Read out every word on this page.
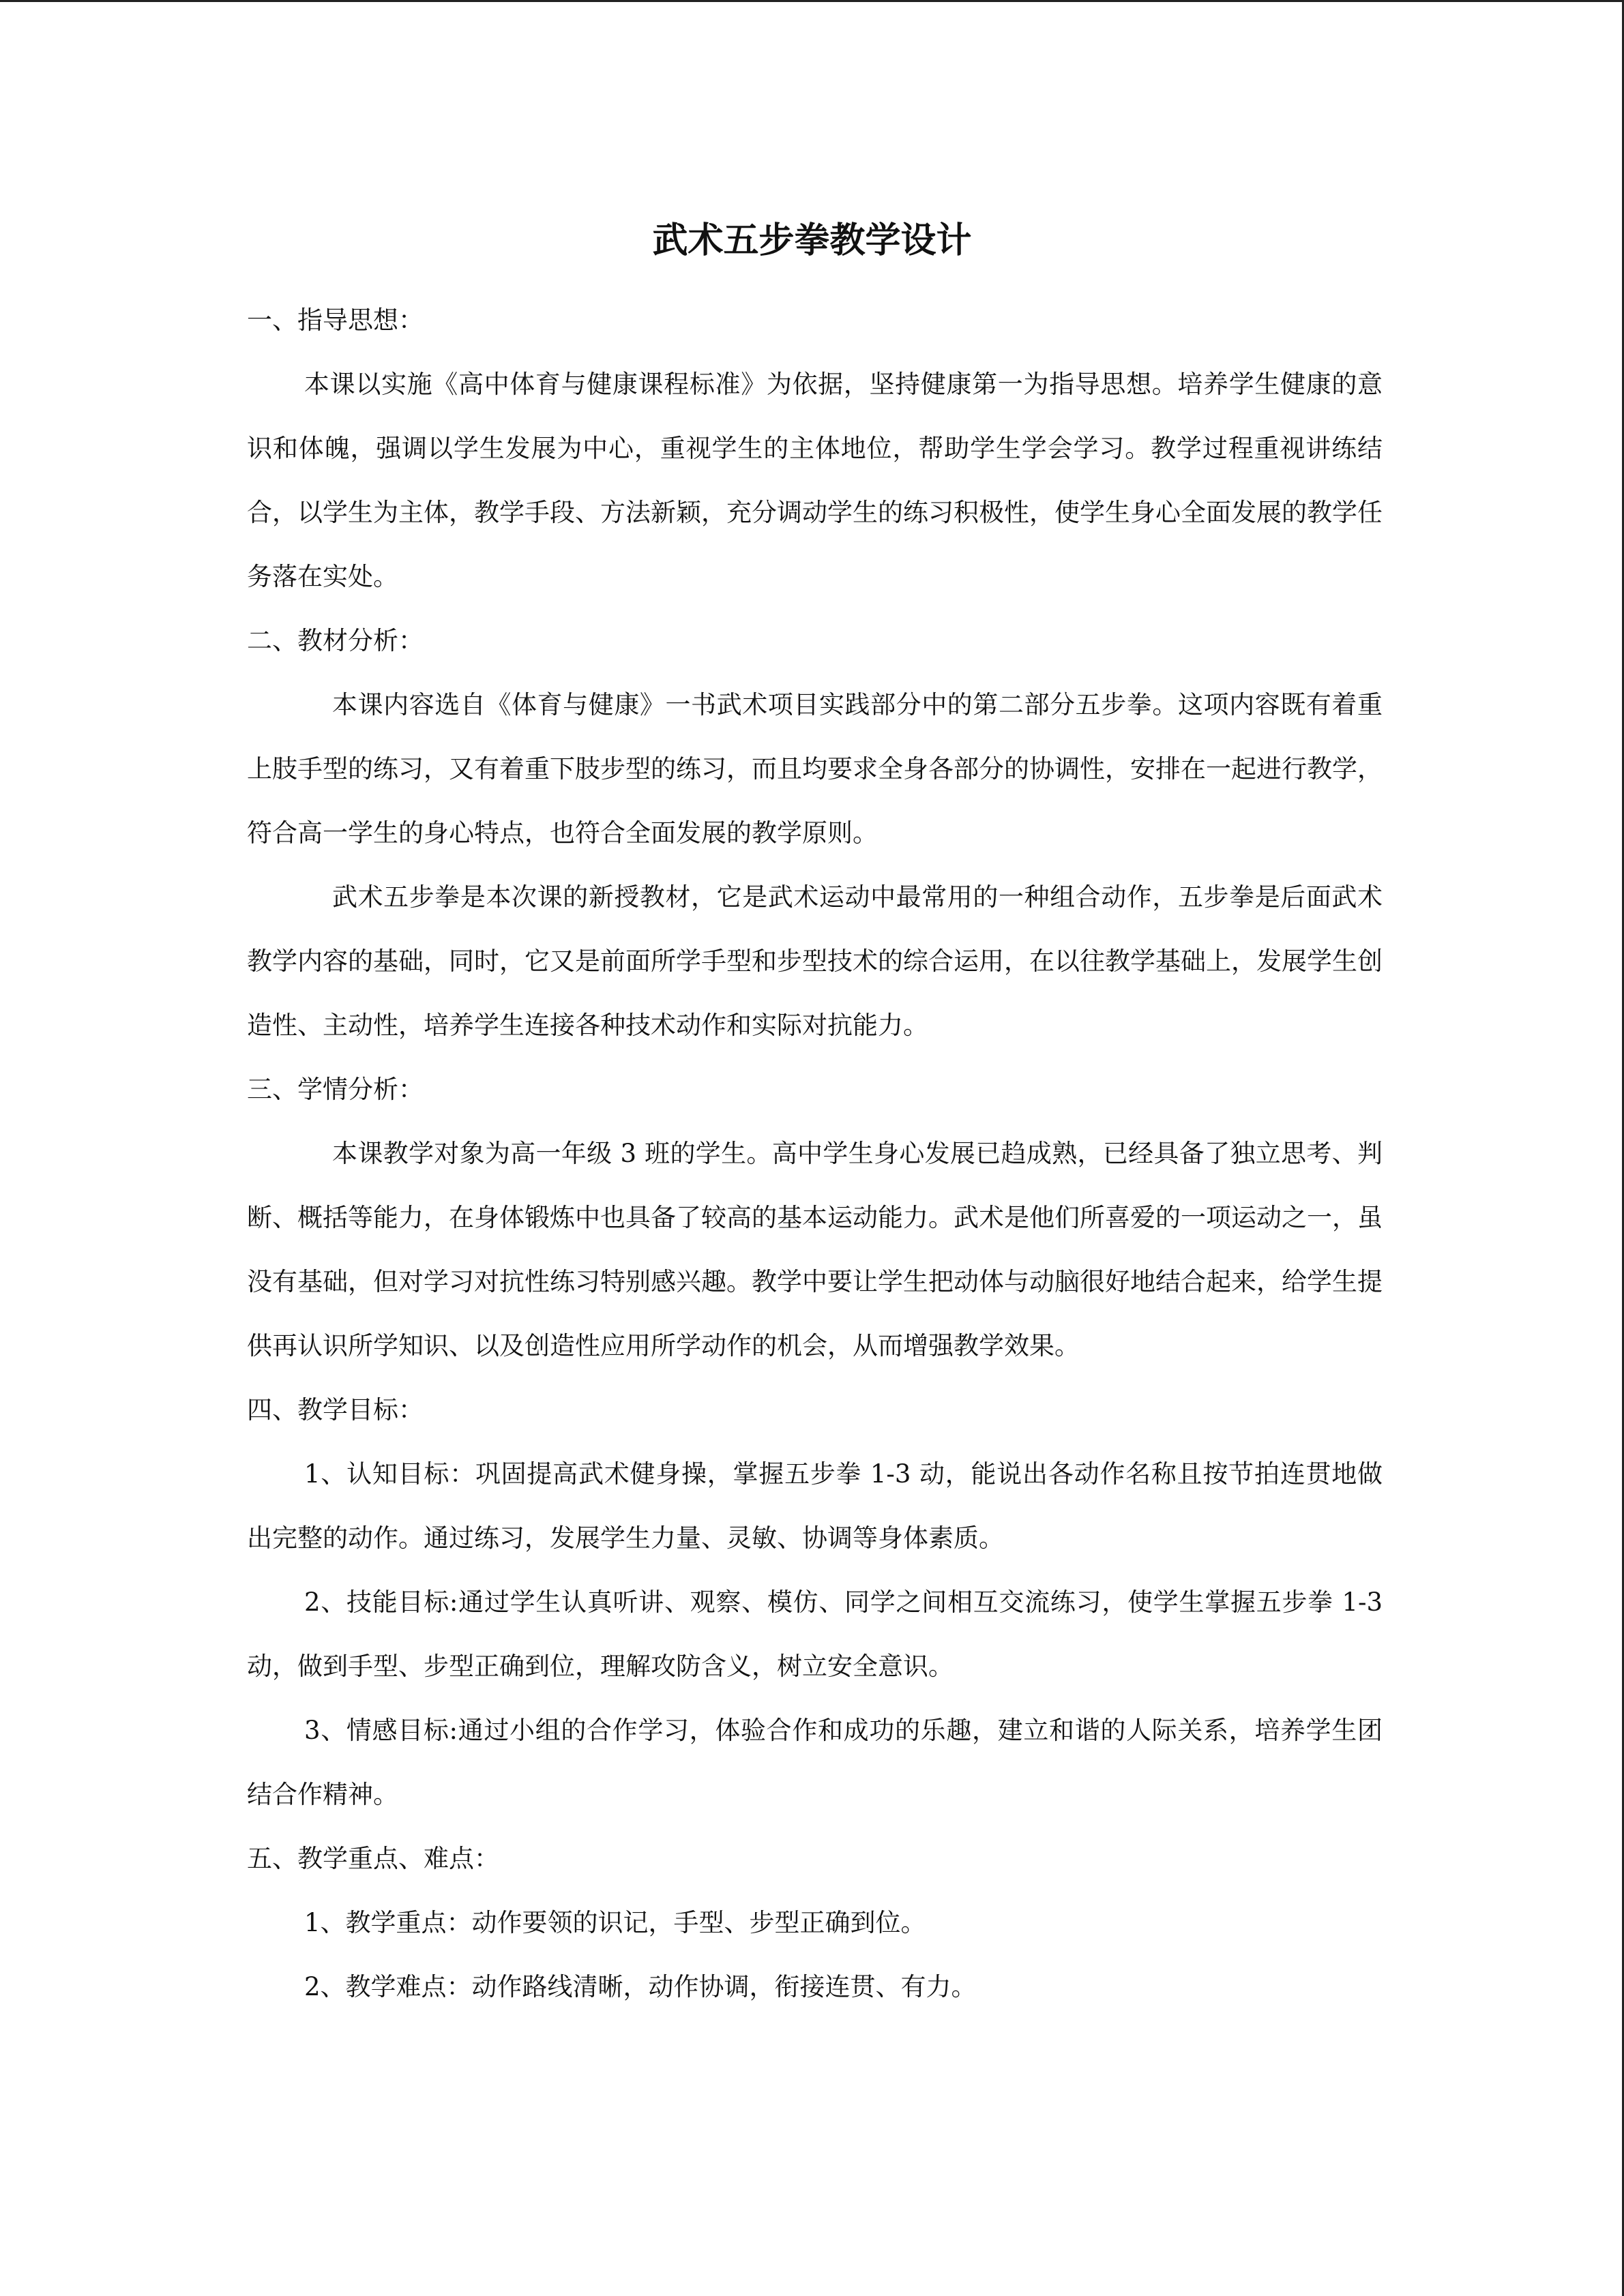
武术五步拳教学设计

一、指导思想：

本课以实施《高中体育与健康课程标准》为依据，坚持健康第一为指导思想。培养学生健康的意识和体魄，强调以学生发展为中心，重视学生的主体地位，帮助学生学会学习。教学过程重视讲练结合，以学生为主体，教学手段、方法新颖，充分调动学生的练习积极性，使学生身心全面发展的教学任务落在实处。

二、教材分析：

本课内容选自《体育与健康》一书武术项目实践部分中的第二部分五步拳。这项内容既有着重上肢手型的练习，又有着重下肢步型的练习，而且均要求全身各部分的协调性，安排在一起进行教学，符合高一学生的身心特点，也符合全面发展的教学原则。

武术五步拳是本次课的新授教材，它是武术运动中最常用的一种组合动作，五步拳是后面武术教学内容的基础，同时，它又是前面所学手型和步型技术的综合运用，在以往教学基础上，发展学生创造性、主动性，培养学生连接各种技术动作和实际对抗能力。

三、学情分析：

本课教学对象为高一年级 3 班的学生。高中学生身心发展已趋成熟，已经具备了独立思考、判断、概括等能力，在身体锻炼中也具备了较高的基本运动能力。武术是他们所喜爱的一项运动之一，虽没有基础，但对学习对抗性练习特别感兴趣。教学中要让学生把动体与动脑很好地结合起来，给学生提供再认识所学知识、以及创造性应用所学动作的机会，从而增强教学效果。

四、教学目标：

1、认知目标：巩固提高武术健身操，掌握五步拳 1-3 动，能说出各动作名称且按节拍连贯地做出完整的动作。通过练习，发展学生力量、灵敏、协调等身体素质。

2、技能目标:通过学生认真听讲、观察、模仿、同学之间相互交流练习，使学生掌握五步拳 1-3 动，做到手型、步型正确到位，理解攻防含义，树立安全意识。

3、情感目标:通过小组的合作学习，体验合作和成功的乐趣，建立和谐的人际关系，培养学生团结合作精神。

五、教学重点、难点：

1、教学重点：动作要领的识记，手型、步型正确到位。

2、教学难点：动作路线清晰，动作协调，衔接连贯、有力。
